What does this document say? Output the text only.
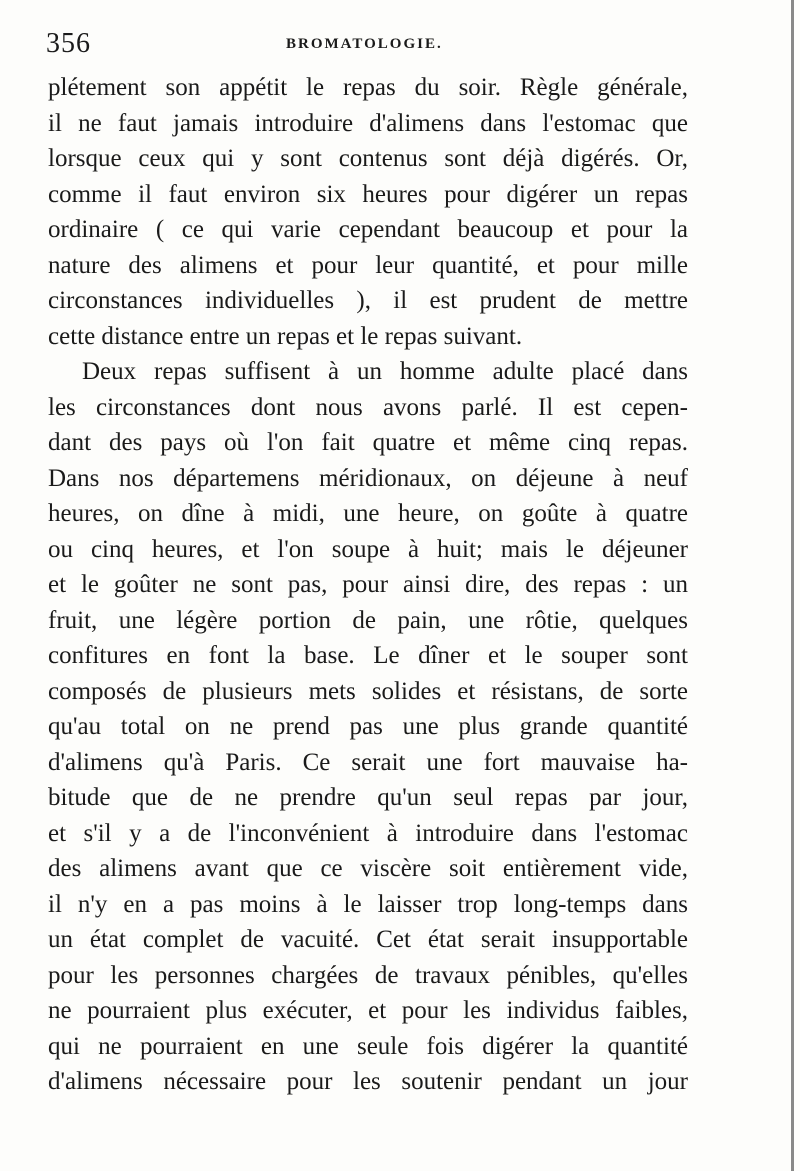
356	BROMATOLOGIE.
plétement son appétit le repas du soir. Règle générale,
il ne faut jamais introduire d'alimens dans l'estomac que
lorsque ceux qui y sont contenus sont déjà digérés. Or,
comme il faut environ six heures pour digérer un repas
ordinaire ( ce qui varie cependant beaucoup et pour la
nature des alimens et pour leur quantité, et pour mille
circonstances individuelles ), il est prudent de mettre
cette distance entre un repas et le repas suivant.
Deux repas suffisent à un homme adulte placé dans
les circonstances dont nous avons parlé. Il est cepen-
dant des pays où l'on fait quatre et même cinq repas.
Dans nos départemens méridionaux, on déjeune à neuf
heures, on dîne à midi, une heure, on goûte à quatre
ou cinq heures, et l'on soupe à huit; mais le déjeuner
et le goûter ne sont pas, pour ainsi dire, des repas : un
fruit, une légère portion de pain, une rôtie, quelques
confitures en font la base. Le dîner et le souper sont
composés de plusieurs mets solides et résistans, de sorte
qu'au total on ne prend pas une plus grande quantité
d'alimens qu'à Paris. Ce serait une fort mauvaise ha-
bitude que de ne prendre qu'un seul repas par jour,
et s'il y a de l'inconvénient à introduire dans l'estomac
des alimens avant que ce viscère soit entièrement vide,
il n'y en a pas moins à le laisser trop long-temps dans
un état complet de vacuité. Cet état serait insupportable
pour les personnes chargées de travaux pénibles, qu'elles
ne pourraient plus exécuter, et pour les individus faibles,
qui ne pourraient en une seule fois digérer la quantité
d'alimens nécessaire pour les soutenir pendant un jour
